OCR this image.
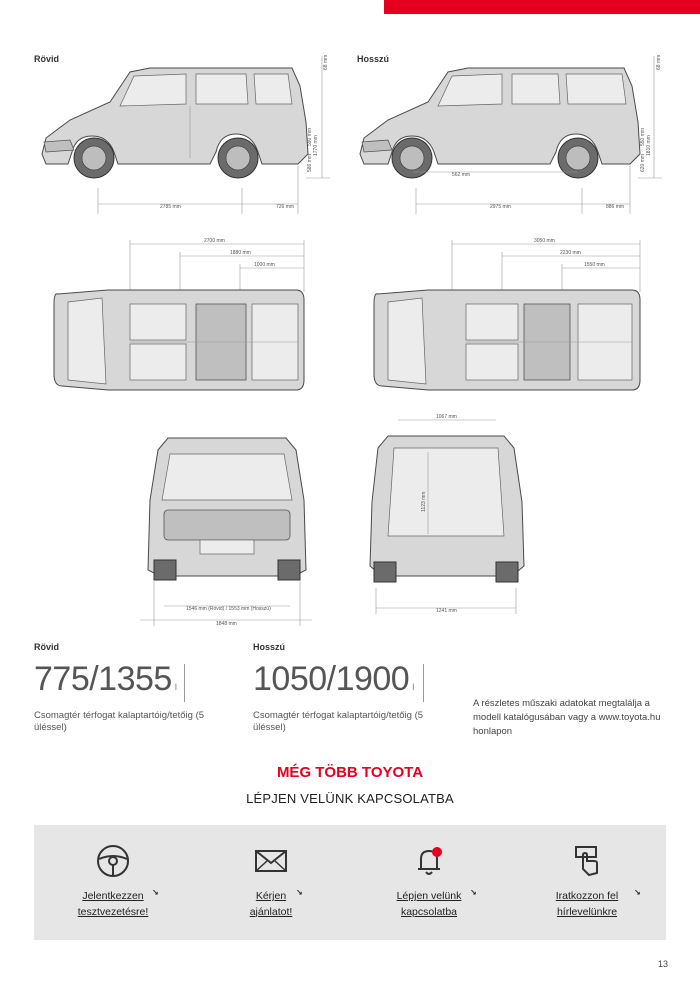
Rövid	Hosszú
2785 mm	726 mm
68 mm
1770 mm
590 mm
586 mm
562 mm
2975 mm	886 mm
68 mm
1810 mm
550 mm
620 mm
2700 mm
1880 mm
1000 mm
3050 mm
2230 mm
1550 mm
1546 mm (Rövid) / 1553 mm (Hosszú)
1848 mm
1067 mm
1123 mm
1241 mm
Rövid
775/1355 l
Csomagtér térfogat kalaptartóig/tetőig (5 üléssel)
Hosszú
1050/1900 l
Csomagtér térfogat kalaptartóig/tetőig (5 üléssel)
A részletes műszaki adatokat megtalálja a modell katalógusában vagy a www.toyota.hu honlapon
MÉG TÖBB TOYOTA
LÉPJEN VELÜNK KAPCSOLATBA
Jelentkezzen
tesztvezetésre!
↘	Kérjen
ajánlatot!
↘	Lépjen velünk
kapcsolatba
↘	Iratkozzon fel
hírlevelünkre
↘
13
